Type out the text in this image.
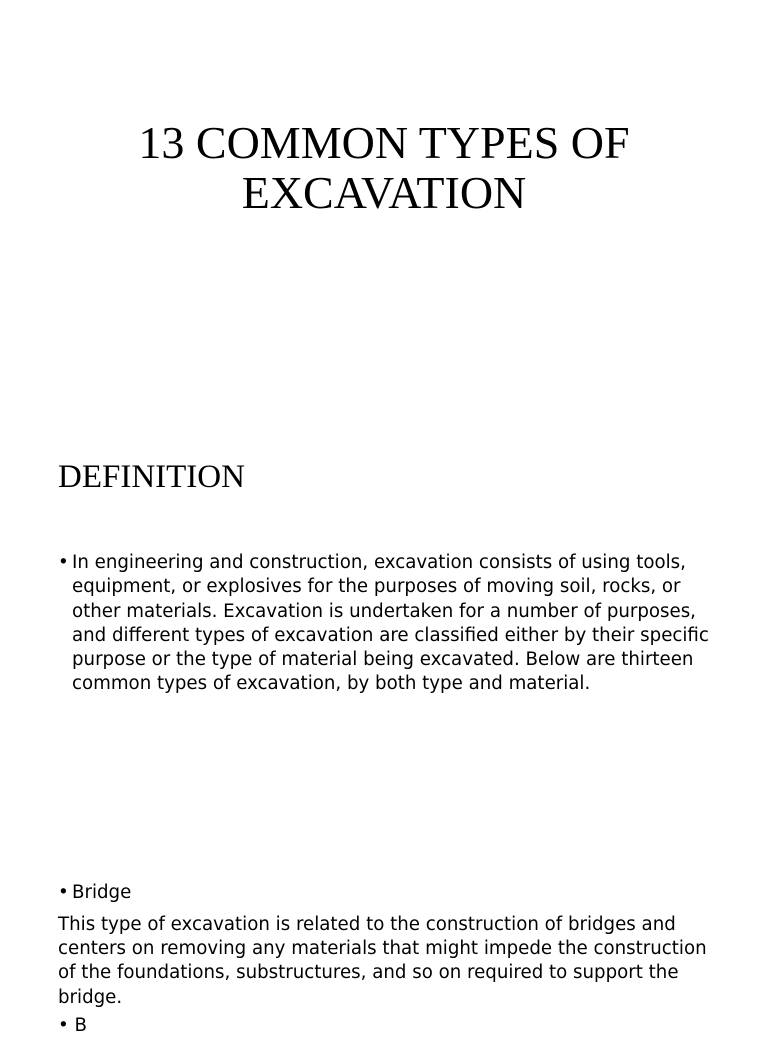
13 COMMON TYPES OF
EXCAVATION
DEFINITION
• In engineering and construction, excavation consists of using tools,
equipment, or explosives for the purposes of moving soil, rocks, or
other materials. Excavation is undertaken for a number of purposes,
and different types of excavation are classified either by their specific
purpose or the type of material being excavated. Below are thirteen
common types of excavation, by both type and material.
• Bridge
This type of excavation is related to the construction of bridges and
centers on removing any materials that might impede the construction
of the foundations, substructures, and so on required to support the
bridge.
• B
